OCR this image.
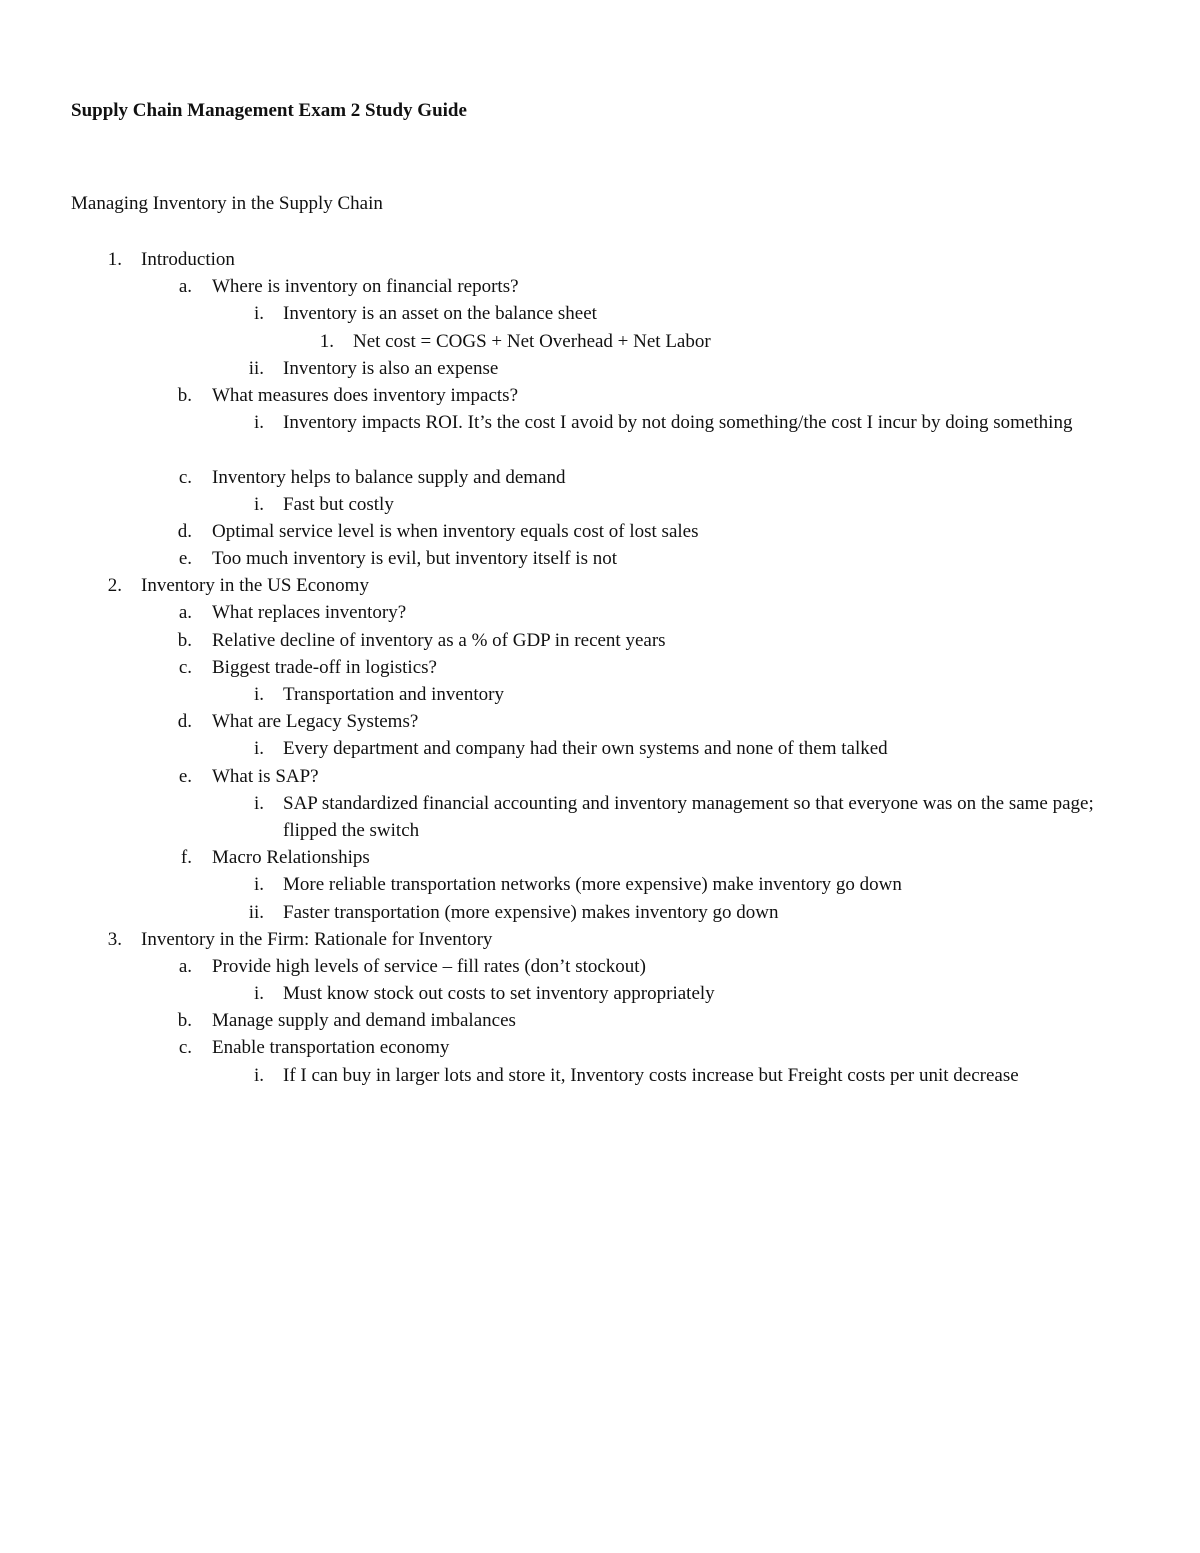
Supply Chain Management Exam 2 Study Guide
Managing Inventory in the Supply Chain
1. Introduction
a. Where is inventory on financial reports?
i. Inventory is an asset on the balance sheet
1. Net cost = COGS + Net Overhead + Net Labor
ii. Inventory is also an expense
b. What measures does inventory impacts?
i. Inventory impacts ROI. It’s the cost I avoid by not doing something/the cost I incur by doing something
c. Inventory helps to balance supply and demand
i. Fast but costly
d. Optimal service level is when inventory equals cost of lost sales
e. Too much inventory is evil, but inventory itself is not
2. Inventory in the US Economy
a. What replaces inventory?
b. Relative decline of inventory as a % of GDP in recent years
c. Biggest trade-off in logistics?
i. Transportation and inventory
d. What are Legacy Systems?
i. Every department and company had their own systems and none of them talked
e. What is SAP?
i. SAP standardized financial accounting and inventory management so that everyone was on the same page; flipped the switch
f. Macro Relationships
i. More reliable transportation networks (more expensive) make inventory go down
ii. Faster transportation (more expensive) makes inventory go down
3. Inventory in the Firm: Rationale for Inventory
a. Provide high levels of service – fill rates (don’t stockout)
i. Must know stock out costs to set inventory appropriately
b. Manage supply and demand imbalances
c. Enable transportation economy
i. If I can buy in larger lots and store it, Inventory costs increase but Freight costs per unit decrease
